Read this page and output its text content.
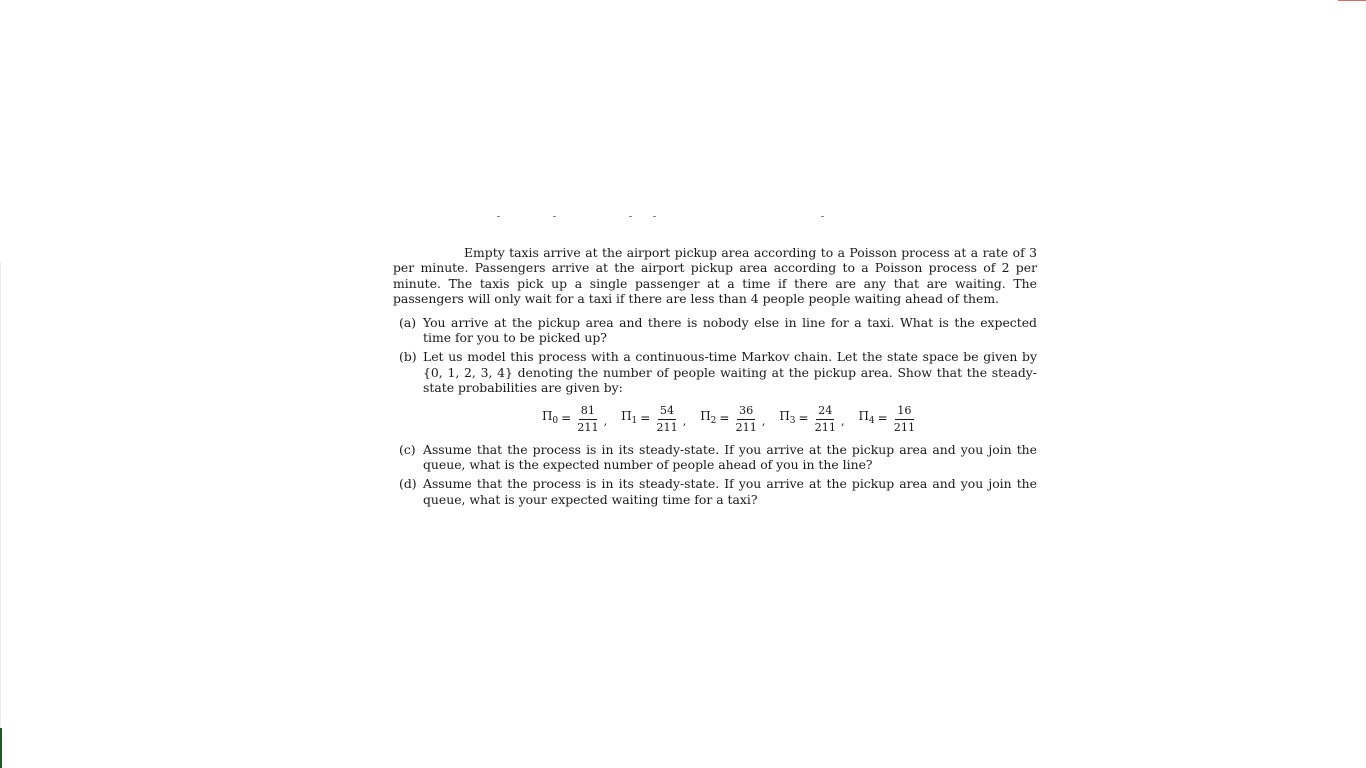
Empty taxis arrive at the airport pickup area according to a Poisson process at a rate of 3 per minute. Passengers arrive at the airport pickup area according to a Poisson process of 2 per minute. The taxis pick up a single passenger at a time if there are any that are waiting. The passengers will only wait for a taxi if there are less than 4 people people waiting ahead of them.

(a) You arrive at the pickup area and there is nobody else in line for a taxi. What is the expected time for you to be picked up?
(b) Let us model this process with a continuous-time Markov chain. Let the state space be given by {0, 1, 2, 3, 4} denoting the number of people waiting at the pickup area. Show that the steady-state probabilities are given by:
$\Pi_0 = \frac{81}{211}$ , $\Pi_1 = \frac{54}{211}$ , $\Pi_2 = \frac{36}{211}$ , $\Pi_3 = \frac{24}{211}$ , $\Pi_4 = \frac{16}{211}$
(c) Assume that the process is in its steady-state. If you arrive at the pickup area and you join the queue, what is the expected number of people ahead of you in the line?
(d) Assume that the process is in its steady-state. If you arrive at the pickup area and you join the queue, what is your expected waiting time for a taxi?
